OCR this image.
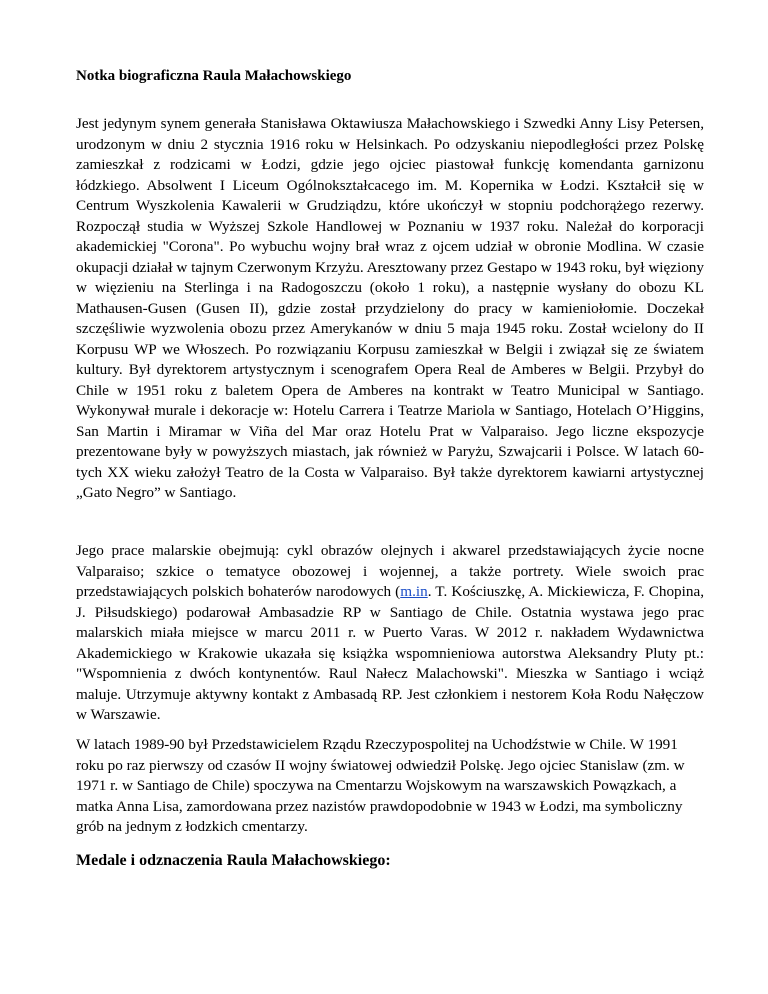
Notka biograficzna Raula Małachowskiego

Jest jedynym synem generała Stanisława Oktawiusza Małachowskiego i Szwedki Anny Lisy Petersen, urodzonym w dniu 2 stycznia 1916 roku w Helsinkach. Po odzyskaniu niepodległości przez Polskę zamieszkał z rodzicami w Łodzi, gdzie jego ojciec piastował funkcję komendanta garnizonu łódzkiego. Absolwent I Liceum Ogólnokształcacego im. M. Kopernika w Łodzi. Kształcił się w Centrum Wyszkolenia Kawalerii w Grudziądzu, które ukończył w stopniu podchorążego rezerwy. Rozpoczął studia w Wyższej Szkole Handlowej w Poznaniu w 1937 roku. Należał do korporacji akademickiej "Corona". Po wybuchu wojny brał wraz z ojcem udział w obronie Modlina. W czasie okupacji działał w tajnym Czerwonym Krzyżu. Aresztowany przez Gestapo w 1943 roku, był więziony w więzieniu na Sterlinga i na Radogoszczu (około 1 roku), a następnie wysłany do obozu KL Mathausen-Gusen (Gusen II), gdzie został przydzielony do pracy w kamieniołomie. Doczekał szczęśliwie wyzwolenia obozu przez Amerykanów w dniu 5 maja 1945 roku. Został wcielony do II Korpusu WP we Włoszech. Po rozwiązaniu Korpusu zamieszkał w Belgii i związał się ze światem kultury. Był dyrektorem artystycznym i scenografem Opera Real de Amberes w Belgii. Przybył do Chile w 1951 roku z baletem Opera de Amberes na kontrakt w Teatro Municipal w Santiago. Wykonywał murale i dekoracje w: Hotelu Carrera i Teatrze Mariola w Santiago, Hotelach O’Higgins, San Martin i Miramar w Viña del Mar oraz Hotelu Prat w Valparaiso. Jego liczne ekspozycje prezentowane były w powyższych miastach, jak również w Paryżu, Szwajcarii i Polsce. W latach 60-tych XX wieku założył Teatro de la Costa w Valparaiso. Był także dyrektorem kawiarni artystycznej „Gato Negro” w Santiago.

Jego prace malarskie obejmują: cykl obrazów olejnych i akwarel przedstawiających życie nocne Valparaiso; szkice o tematyce obozowej i wojennej, a także portrety. Wiele swoich prac przedstawiających polskich bohaterów narodowych (m.in. T. Kościuszkę, A. Mickiewicza, F. Chopina, J. Piłsudskiego) podarował Ambasadzie RP w Santiago de Chile. Ostatnia wystawa jego prac malarskich miała miejsce w marcu 2011 r. w Puerto Varas. W 2012 r. nakładem Wydawnictwa Akademickiego w Krakowie ukazała się książka wspomnieniowa autorstwa Aleksandry Pluty pt.: "Wspomnienia z dwóch kontynentów. Raul Nałecz Malachowski". Mieszka w Santiago i wciąż maluje. Utrzymuje aktywny kontakt z Ambasadą RP. Jest członkiem i nestorem Koła Rodu Nałęczow w Warszawie.

W latach 1989-90 był Przedstawicielem Rządu Rzeczypospolitej na Uchodźstwie w Chile. W 1991 roku po raz pierwszy od czasów II wojny światowej odwiedził Polskę. Jego ojciec Stanislaw (zm. w 1971 r. w Santiago de Chile) spoczywa na Cmentarzu Wojskowym na warszawskich Powązkach, a matka Anna Lisa, zamordowana przez nazistów prawdopodobnie w 1943 w Łodzi, ma symboliczny grób na jednym z łodzkich cmentarzy.

Medale i odznaczenia Raula Małachowskiego:
